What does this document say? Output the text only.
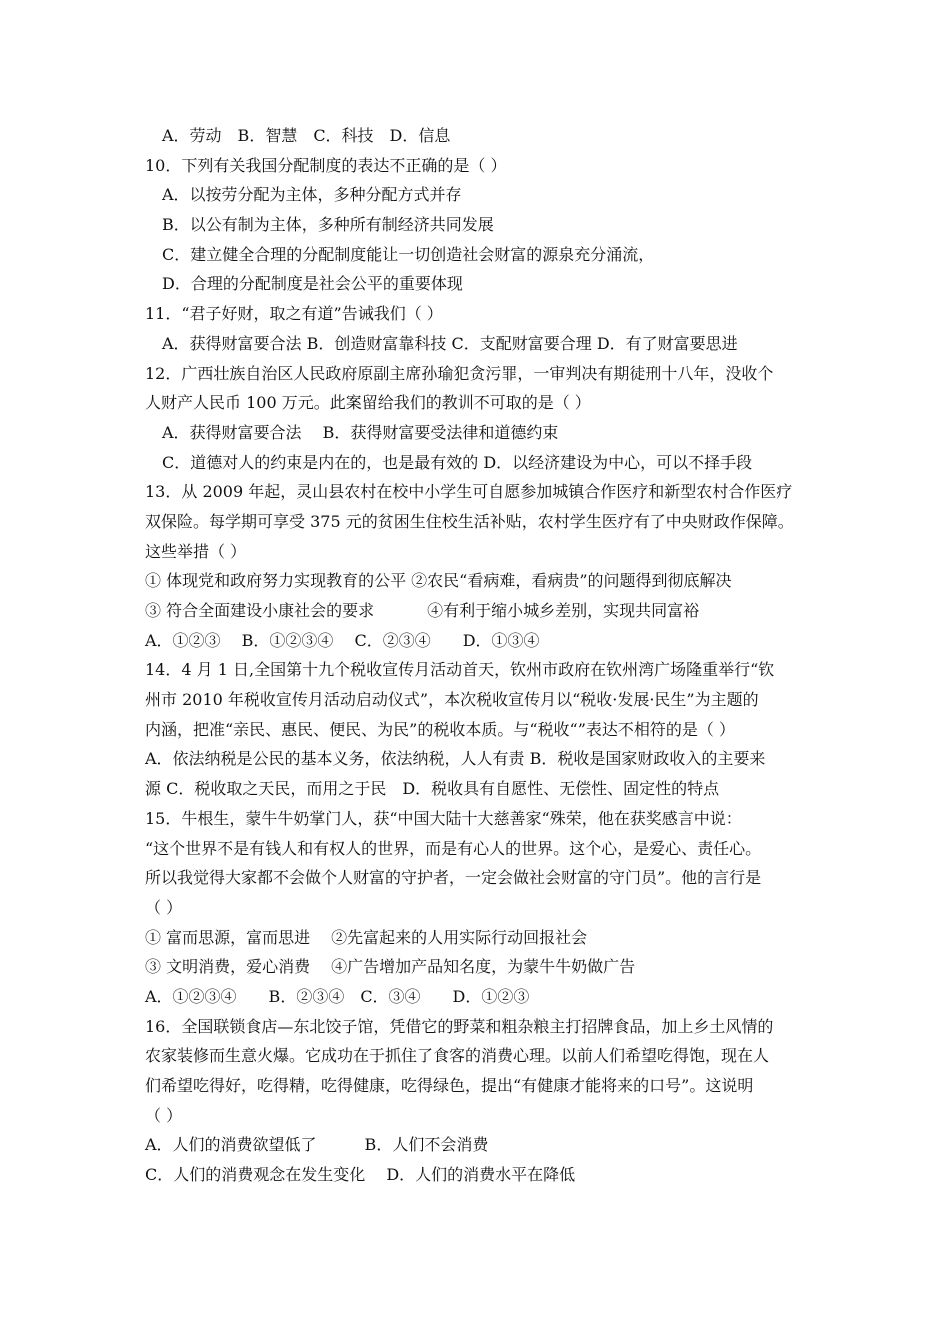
A．劳动　B．智慧　C．科技　D．信息
10．下列有关我国分配制度的表达不正确的是（ ）
A．以按劳分配为主体，多种分配方式并存
B．以公有制为主体，多种所有制经济共同发展
C．建立健全合理的分配制度能让一切创造社会财富的源泉充分涌流，
D．合理的分配制度是社会公平的重要体现
11．“君子好财，取之有道”告诫我们（ ）
A．获得财富要合法 B．创造财富靠科技 C．支配财富要合理 D．有了财富要思进
12．广西壮族自治区人民政府原副主席孙瑜犯贪污罪，一审判决有期徒刑十八年，没收个
人财产人民币 100 万元。此案留给我们的教训不可取的是（ ）
A．获得财富要合法　 B．获得财富要受法律和道德约束
C．道德对人的约束是内在的，也是最有效的 D．以经济建设为中心，可以不择手段
13．从 2009 年起，灵山县农村在校中小学生可自愿参加城镇合作医疗和新型农村合作医疗
双保险。每学期可享受 375 元的贫困生住校生活补贴，农村学生医疗有了中央财政作保障。
这些举措（ ）
① 体现党和政府努力实现教育的公平 ②农民“看病难，看病贵”的问题得到彻底解决
③ 符合全面建设小康社会的要求 　　　④有利于缩小城乡差别，实现共同富裕
A．①②③　 B．①②③④　 C．②③④　　D．①③④
14．4 月 1 日,全国第十九个税收宣传月活动首天，钦州市政府在钦州湾广场隆重举行“钦
州市 2010 年税收宣传月活动启动仪式”，本次税收宣传月以“税收·发展·民生”为主题的
内涵，把准“亲民、惠民、便民、为民”的税收本质。与“税收“”表达不相符的是（ ）
A．依法纳税是公民的基本义务，依法纳税，人人有责 B．税收是国家财政收入的主要来
源 C．税收取之天民，而用之于民　D．税收具有自愿性、无偿性、固定性的特点
15．牛根生，蒙牛牛奶掌门人，获“中国大陆十大慈善家“殊荣，他在获奖感言中说：
“这个世界不是有钱人和有权人的世界，而是有心人的世界。这个心，是爱心、责任心。
所以我觉得大家都不会做个人财富的守护者，一定会做社会财富的守门员”。他的言行是
（ ）
① 富而思源，富而思进　 ②先富起来的人用实际行动回报社会
③ 文明消费，爱心消费　 ④广告增加产品知名度，为蒙牛牛奶做广告
A．①②③④　　B．②③④　C．③④　　D．①②③
16．全国联锁食店—东北饺子馆，凭借它的野菜和粗杂粮主打招牌食品，加上乡土风情的
农家装修而生意火爆。它成功在于抓住了食客的消费心理。以前人们希望吃得饱，现在人
们希望吃得好，吃得精，吃得健康，吃得绿色，提出“有健康才能将来的口号”。这说明
（ ）
A．人们的消费欲望低了　　　B．人们不会消费
C．人们的消费观念在发生变化　 D．人们的消费水平在降低
